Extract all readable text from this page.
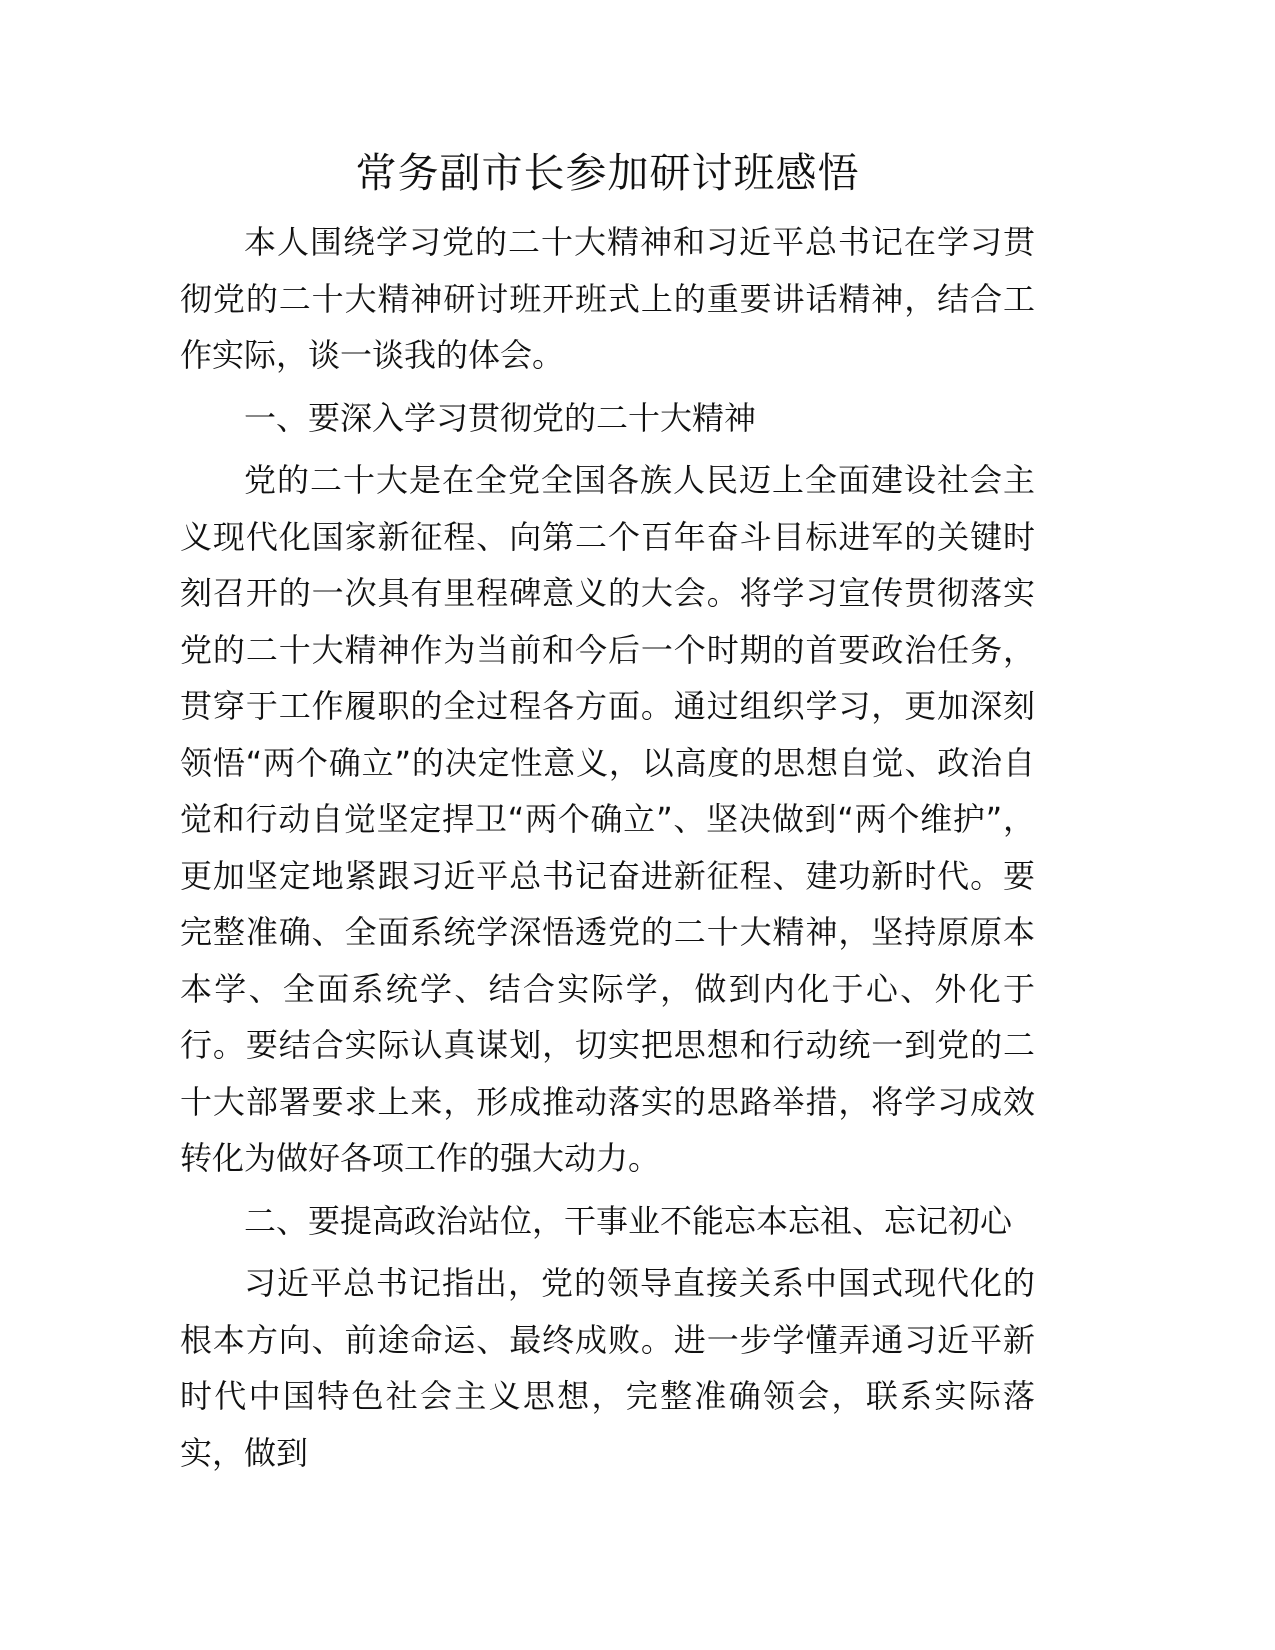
常务副市长参加研讨班感悟

本人围绕学习党的二十大精神和习近平总书记在学习贯彻党的二十大精神研讨班开班式上的重要讲话精神，结合工作实际，谈一谈我的体会。

一、要深入学习贯彻党的二十大精神

党的二十大是在全党全国各族人民迈上全面建设社会主义现代化国家新征程、向第二个百年奋斗目标进军的关键时刻召开的一次具有里程碑意义的大会。将学习宣传贯彻落实党的二十大精神作为当前和今后一个时期的首要政治任务，贯穿于工作履职的全过程各方面。通过组织学习，更加深刻领悟“两个确立”的决定性意义，以高度的思想自觉、政治自觉和行动自觉坚定捍卫“两个确立”、坚决做到“两个维护”，更加坚定地紧跟习近平总书记奋进新征程、建功新时代。要完整准确、全面系统学深悟透党的二十大精神，坚持原原本本学、全面系统学、结合实际学，做到内化于心、外化于行。要结合实际认真谋划，切实把思想和行动统一到党的二十大部署要求上来，形成推动落实的思路举措，将学习成效转化为做好各项工作的强大动力。

二、要提高政治站位，干事业不能忘本忘祖、忘记初心

习近平总书记指出，党的领导直接关系中国式现代化的根本方向、前途命运、最终成败。进一步学懂弄通习近平新时代中国特色社会主义思想，完整准确领会，联系实际落实，做到
